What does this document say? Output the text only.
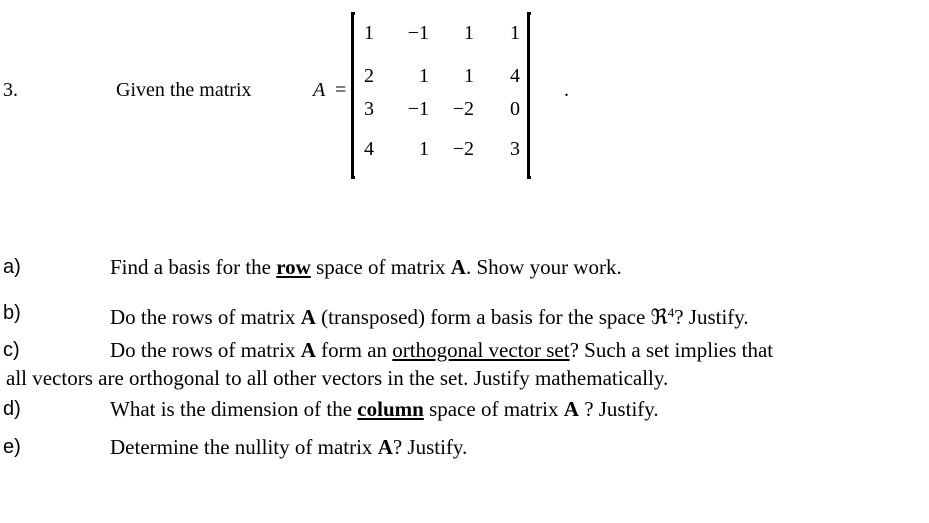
3.	Given the matrix	A =
1	−1	1	1
2	1	1	4
3	−1	−2	0
4	1	−2	3
.
a)	Find a basis for the row space of matrix A. Show your work.
b)	Do the rows of matrix A (transposed) form a basis for the space ℜ$^4$? Justify.
c)	Do the rows of matrix A form an orthogonal vector set? Such a set implies that
all vectors are orthogonal to all other vectors in the set. Justify mathematically.
d)	What is the dimension of the column space of matrix A ? Justify.
e)	Determine the nullity of matrix A? Justify.
